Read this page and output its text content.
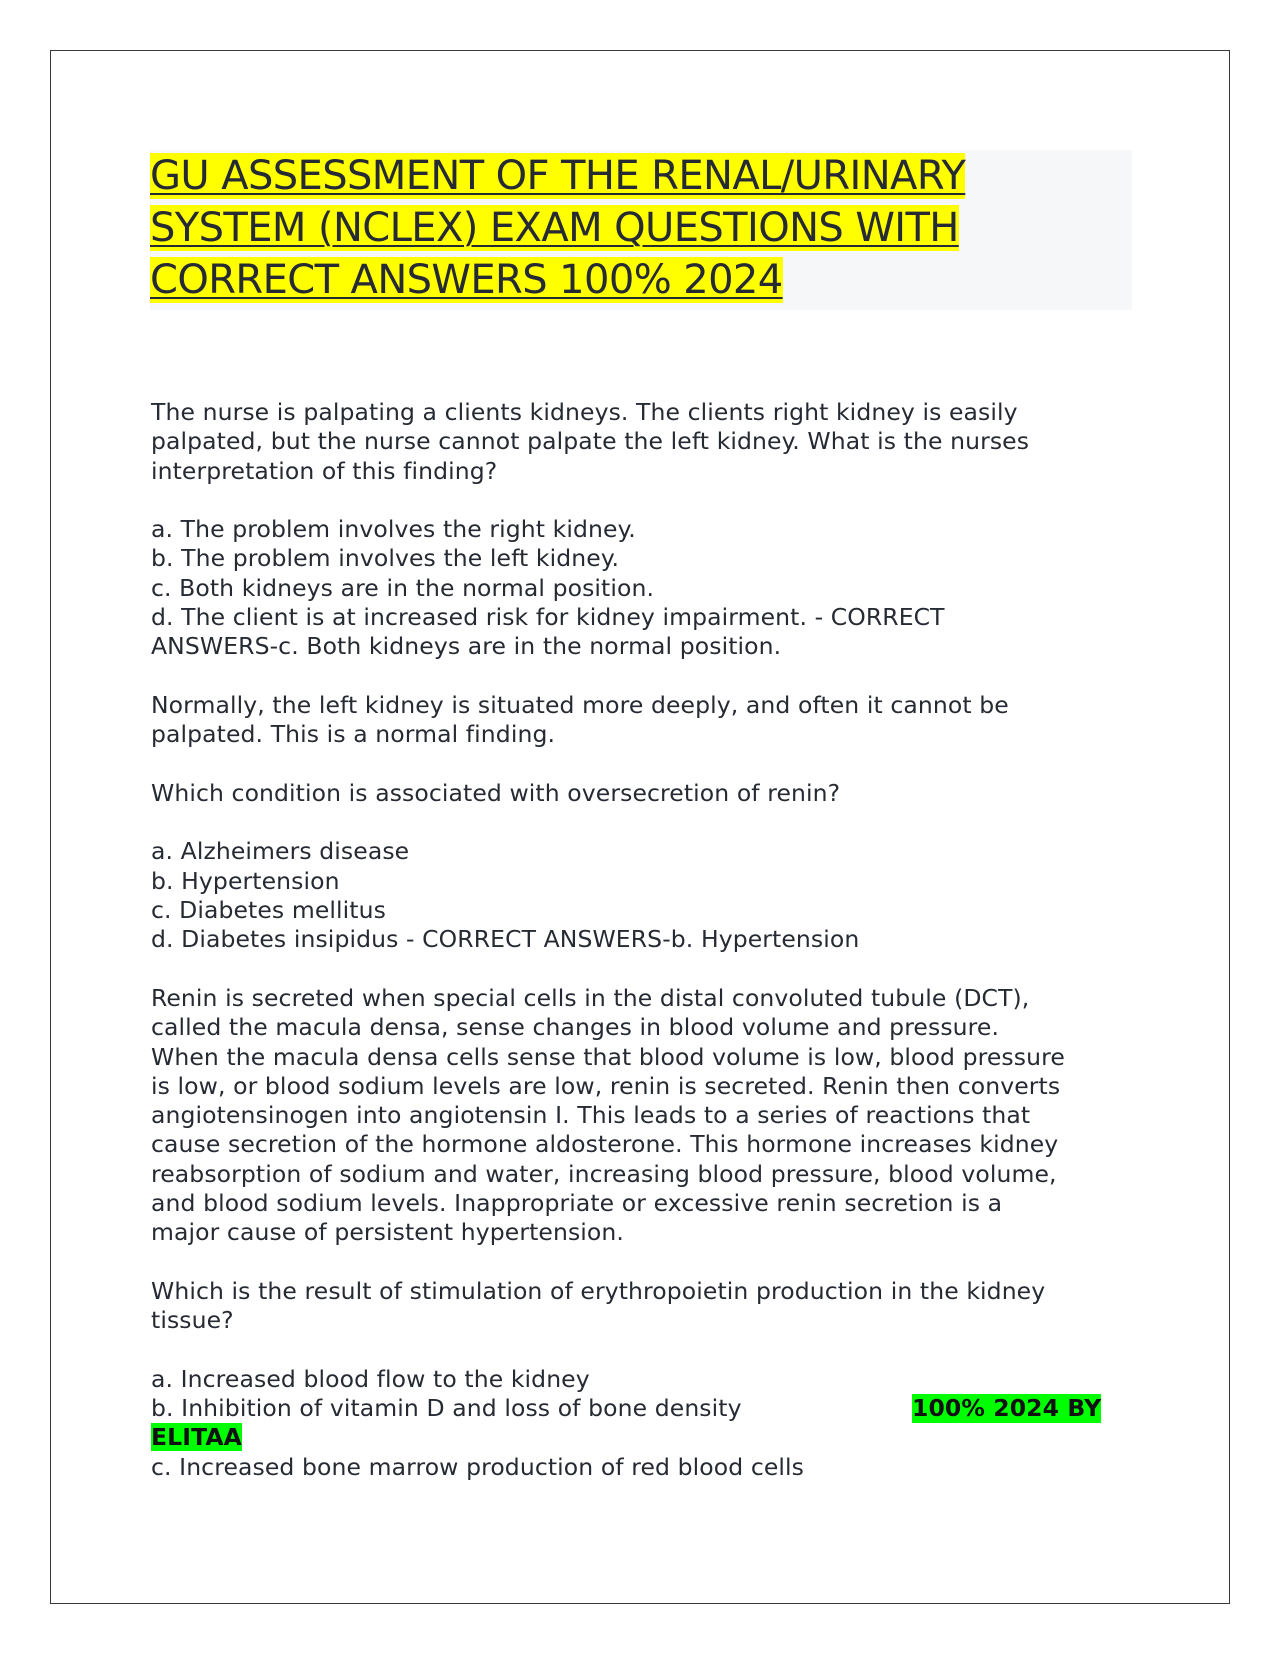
GU ASSESSMENT OF THE RENAL/URINARY
SYSTEM (NCLEX) EXAM QUESTIONS WITH
CORRECT ANSWERS 100% 2024

The nurse is palpating a clients kidneys. The clients right kidney is easily
palpated, but the nurse cannot palpate the left kidney. What is the nurses
interpretation of this finding?

a. The problem involves the right kidney.

b. The problem involves the left kidney.

c. Both kidneys are in the normal position.

d. The client is at increased risk for kidney impairment. - CORRECT
ANSWERS-c. Both kidneys are in the normal position.

Normally, the left kidney is situated more deeply, and often it cannot be
palpated. This is a normal finding.

Which condition is associated with oversecretion of renin?

a. Alzheimers disease

b. Hypertension

c. Diabetes mellitus

d. Diabetes insipidus - CORRECT ANSWERS-b. Hypertension

Renin is secreted when special cells in the distal convoluted tubule (DCT),
called the macula densa, sense changes in blood volume and pressure.
When the macula densa cells sense that blood volume is low, blood pressure
is low, or blood sodium levels are low, renin is secreted. Renin then converts
angiotensinogen into angiotensin I. This leads to a series of reactions that
cause secretion of the hormone aldosterone. This hormone increases kidney
reabsorption of sodium and water, increasing blood pressure, blood volume,
and blood sodium levels. Inappropriate or excessive renin secretion is a
major cause of persistent hypertension.

Which is the result of stimulation of erythropoietin production in the kidney
tissue?

a. Increased blood flow to the kidney

b. Inhibition of vitamin D and loss of bone density	100% 2024 BY

ELITAA

c. Increased bone marrow production of red blood cells
